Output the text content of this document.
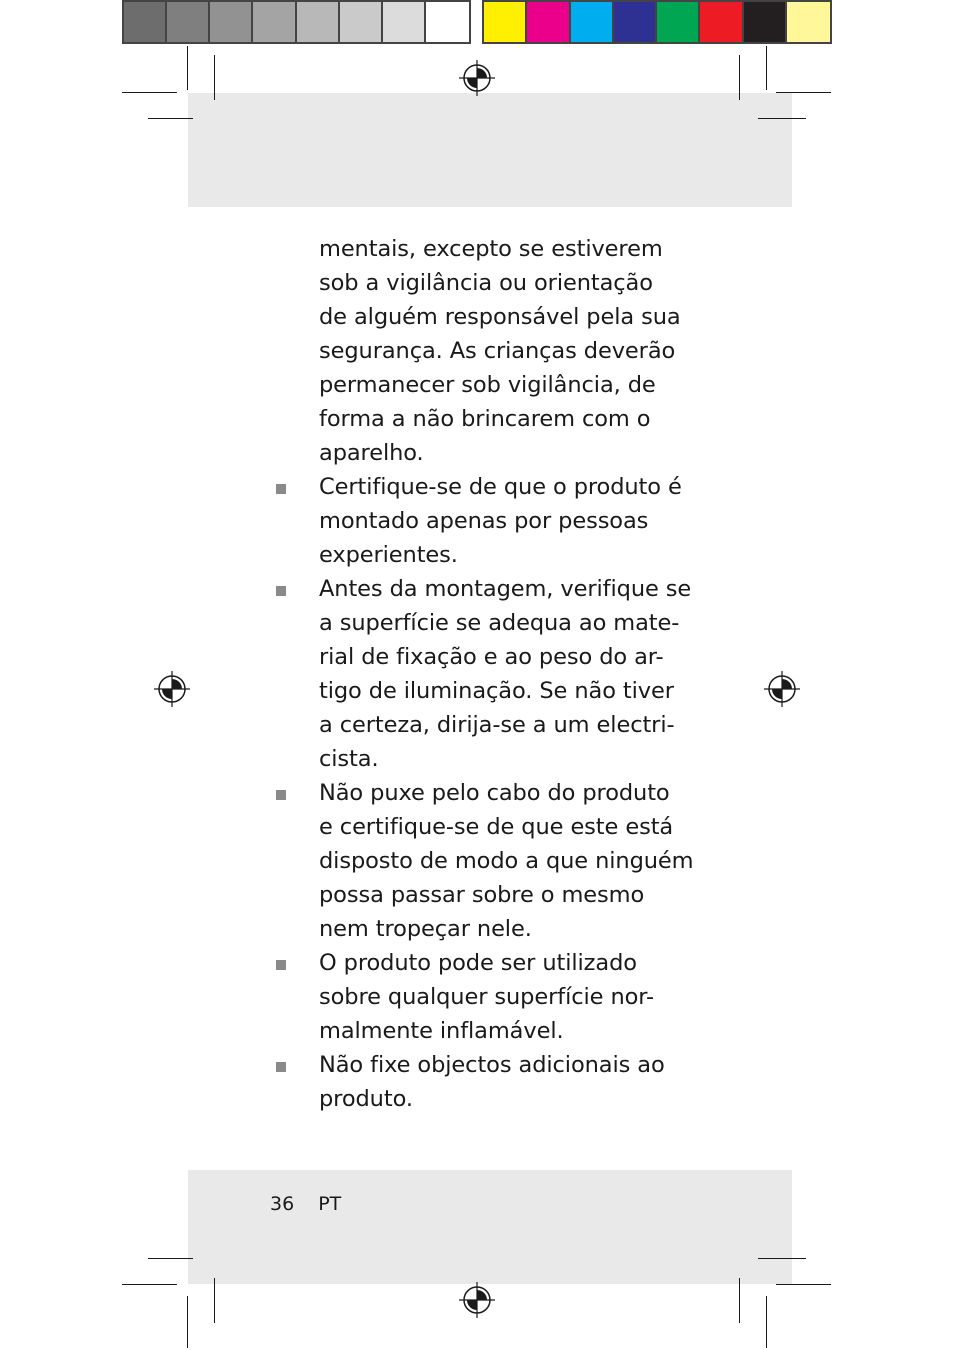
mentais, excepto se estiverem
sob a vigilância ou orientação
de alguém responsável pela sua
segurança. As crianças deverão
permanecer sob vigilância, de
forma a não brincarem com o
aparelho.

Certifique-se de que o produto é
montado apenas por pessoas
experientes.
Antes da montagem, verifique se
a superfície se adequa ao mate-
rial de fixação e ao peso do ar-
tigo de iluminação. Se não tiver
a certeza, dirija-se a um electri-
cista.
Não puxe pelo cabo do produto
e certifique-se de que este está
disposto de modo a que ninguém
possa passar sobre o mesmo
nem tropeçar nele.
O produto pode ser utilizado
sobre qualquer superfície nor-
malmente inflamável.
Não fixe objectos adicionais ao
produto.
36 PT
